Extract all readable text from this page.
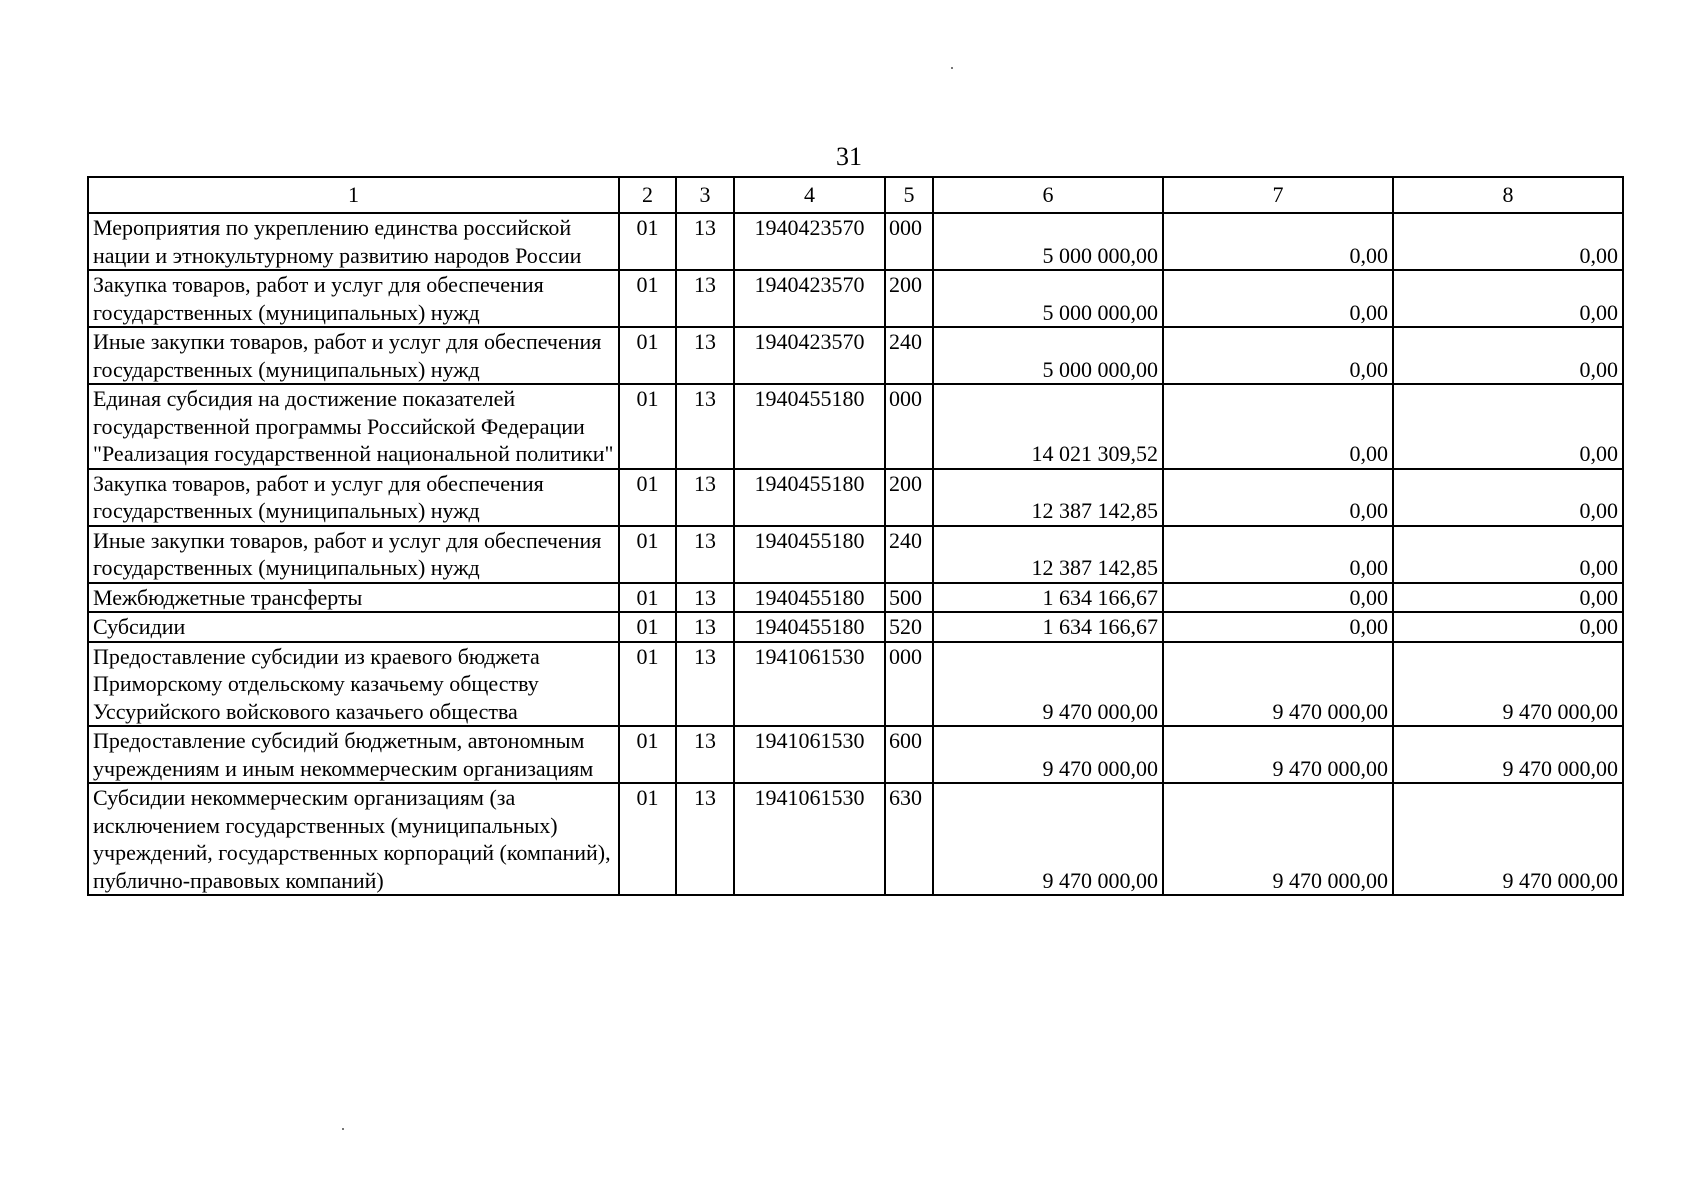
31
1	2	3	4	5	6	7	8
Мероприятия по укреплению единства российской нации и этнокультурному развитию народов России	01	13	1940423570	000	5 000 000,00	0,00	0,00
Закупка товаров, работ и услуг для обеспечения государственных (муниципальных) нужд	01	13	1940423570	200	5 000 000,00	0,00	0,00
Иные закупки товаров, работ и услуг для обеспечения государственных (муниципальных) нужд	01	13	1940423570	240	5 000 000,00	0,00	0,00
Единая субсидия на достижение показателей государственной программы Российской Федерации "Реализация государственной национальной политики"	01	13	1940455180	000	14 021 309,52	0,00	0,00
Закупка товаров, работ и услуг для обеспечения государственных (муниципальных) нужд	01	13	1940455180	200	12 387 142,85	0,00	0,00
Иные закупки товаров, работ и услуг для обеспечения государственных (муниципальных) нужд	01	13	1940455180	240	12 387 142,85	0,00	0,00
Межбюджетные трансферты	01	13	1940455180	500	1 634 166,67	0,00	0,00
Субсидии	01	13	1940455180	520	1 634 166,67	0,00	0,00
Предоставление субсидии из краевого бюджета Приморскому отдельскому казачьему обществу Уссурийского войскового казачьего общества	01	13	1941061530	000	9 470 000,00	9 470 000,00	9 470 000,00
Предоставление субсидий бюджетным, автономным учреждениям и иным некоммерческим организациям	01	13	1941061530	600	9 470 000,00	9 470 000,00	9 470 000,00
Субсидии некоммерческим организациям (за исключением государственных (муниципальных) учреждений, государственных корпораций (компаний), публично-правовых компаний)	01	13	1941061530	630	9 470 000,00	9 470 000,00	9 470 000,00
